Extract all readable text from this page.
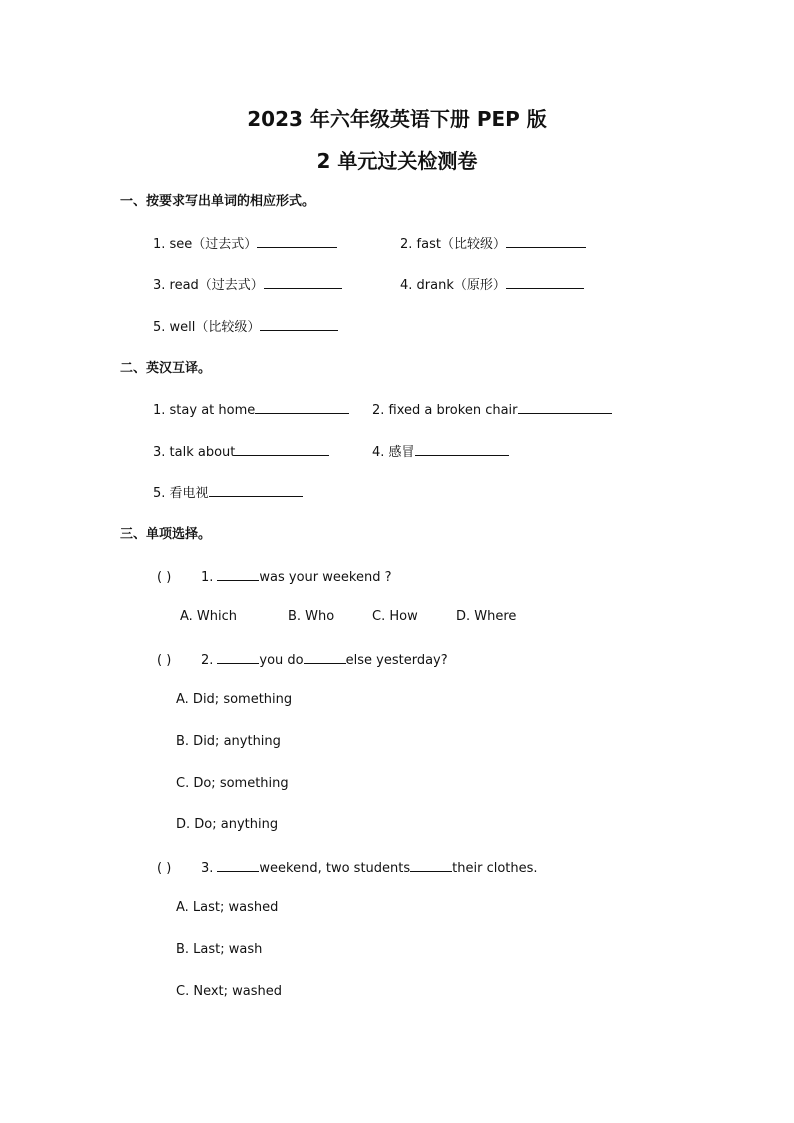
2023 年六年级英语下册 PEP 版
2 单元过关检测卷
一、按要求写出单词的相应形式。
1. see（过去式）	2. fast（比较级）
3. read（过去式）	4. drank（原形）
5. well（比较级）
二、英汉互译。
1. stay at home	2. fixed a broken chair
3. talk about	4. 感冒
5. 看电视
三、单项选择。
( ) 1.	was your weekend ?
A. Which	B. Who	C. How	D. Where
( ) 2.	you do	else yesterday?
A. Did; something
B. Did; anything
C. Do; something
D. Do; anything
( ) 3.	weekend, two students	their clothes.
A. Last; washed
B. Last; wash
C. Next; washed
